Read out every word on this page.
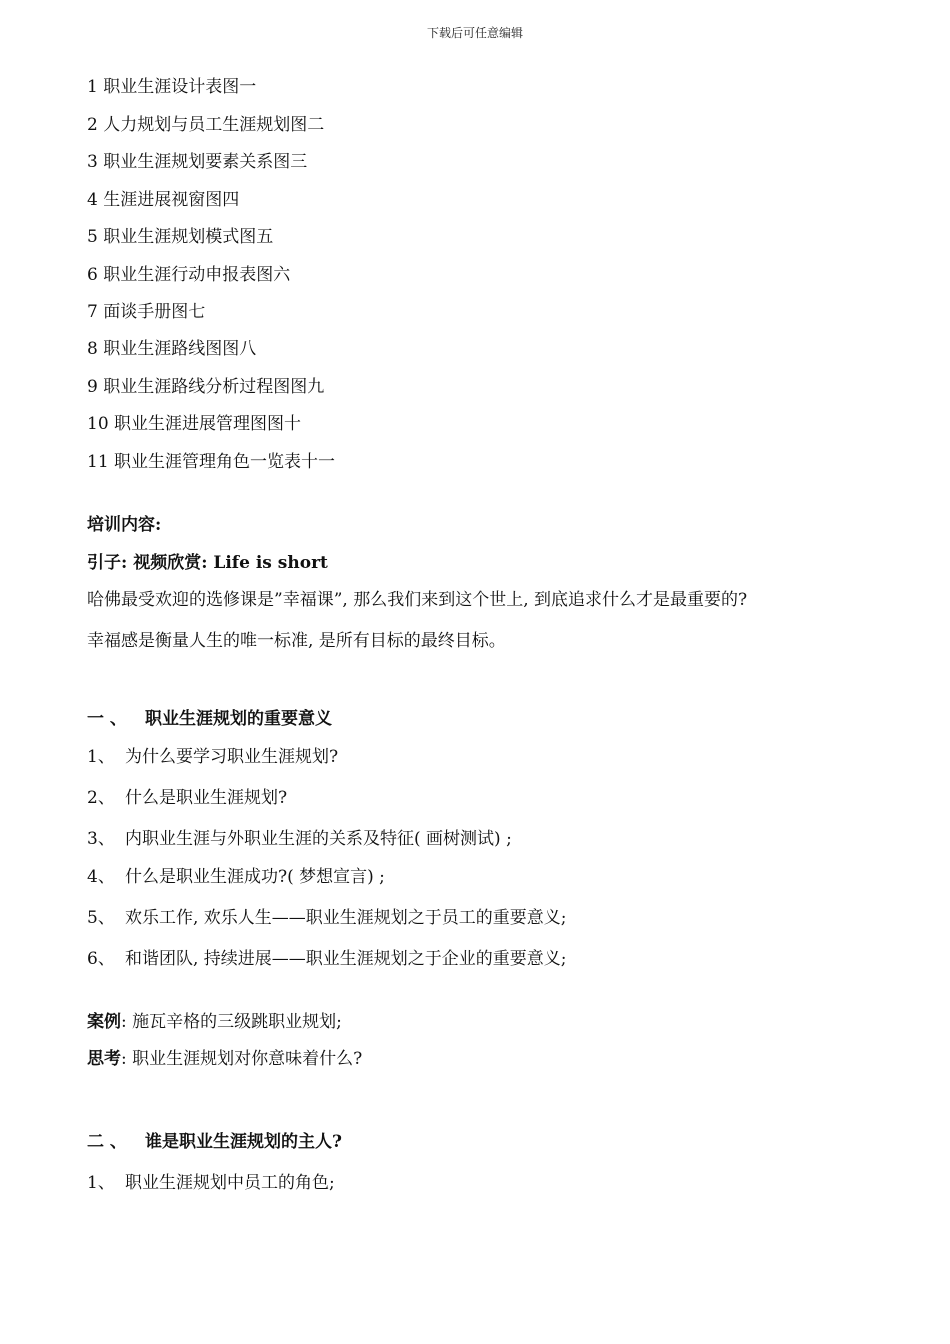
下载后可任意编辑
1 职业生涯设计表图一
2 人力规划与员工生涯规划图二
3 职业生涯规划要素关系图三
4 生涯进展视窗图四
5 职业生涯规划模式图五
6 职业生涯行动申报表图六
7 面谈手册图七
8 职业生涯路线图图八
9 职业生涯路线分析过程图图九
10 职业生涯进展管理图图十
11 职业生涯管理角色一览表十一
培训内容:
引子: 视频欣赏: Life is short
哈佛最受欢迎的选修课是”幸福课”, 那么我们来到这个世上, 到底追求什么才是最重要的?
幸福感是衡量人生的唯一标准, 是所有目标的最终目标。
一 、 职业生涯规划的重要意义
1、 为什么要学习职业生涯规划?
2、 什么是职业生涯规划?
3、 内职业生涯与外职业生涯的关系及特征( 画树测试) ;
4、 什么是职业生涯成功?( 梦想宣言) ;
5、 欢乐工作, 欢乐人生——职业生涯规划之于员工的重要意义;
6、 和谐团队, 持续进展——职业生涯规划之于企业的重要意义;
案例: 施瓦辛格的三级跳职业规划;
思考: 职业生涯规划对你意味着什么?
二 、 谁是职业生涯规划的主人?
1、 职业生涯规划中员工的角色;
